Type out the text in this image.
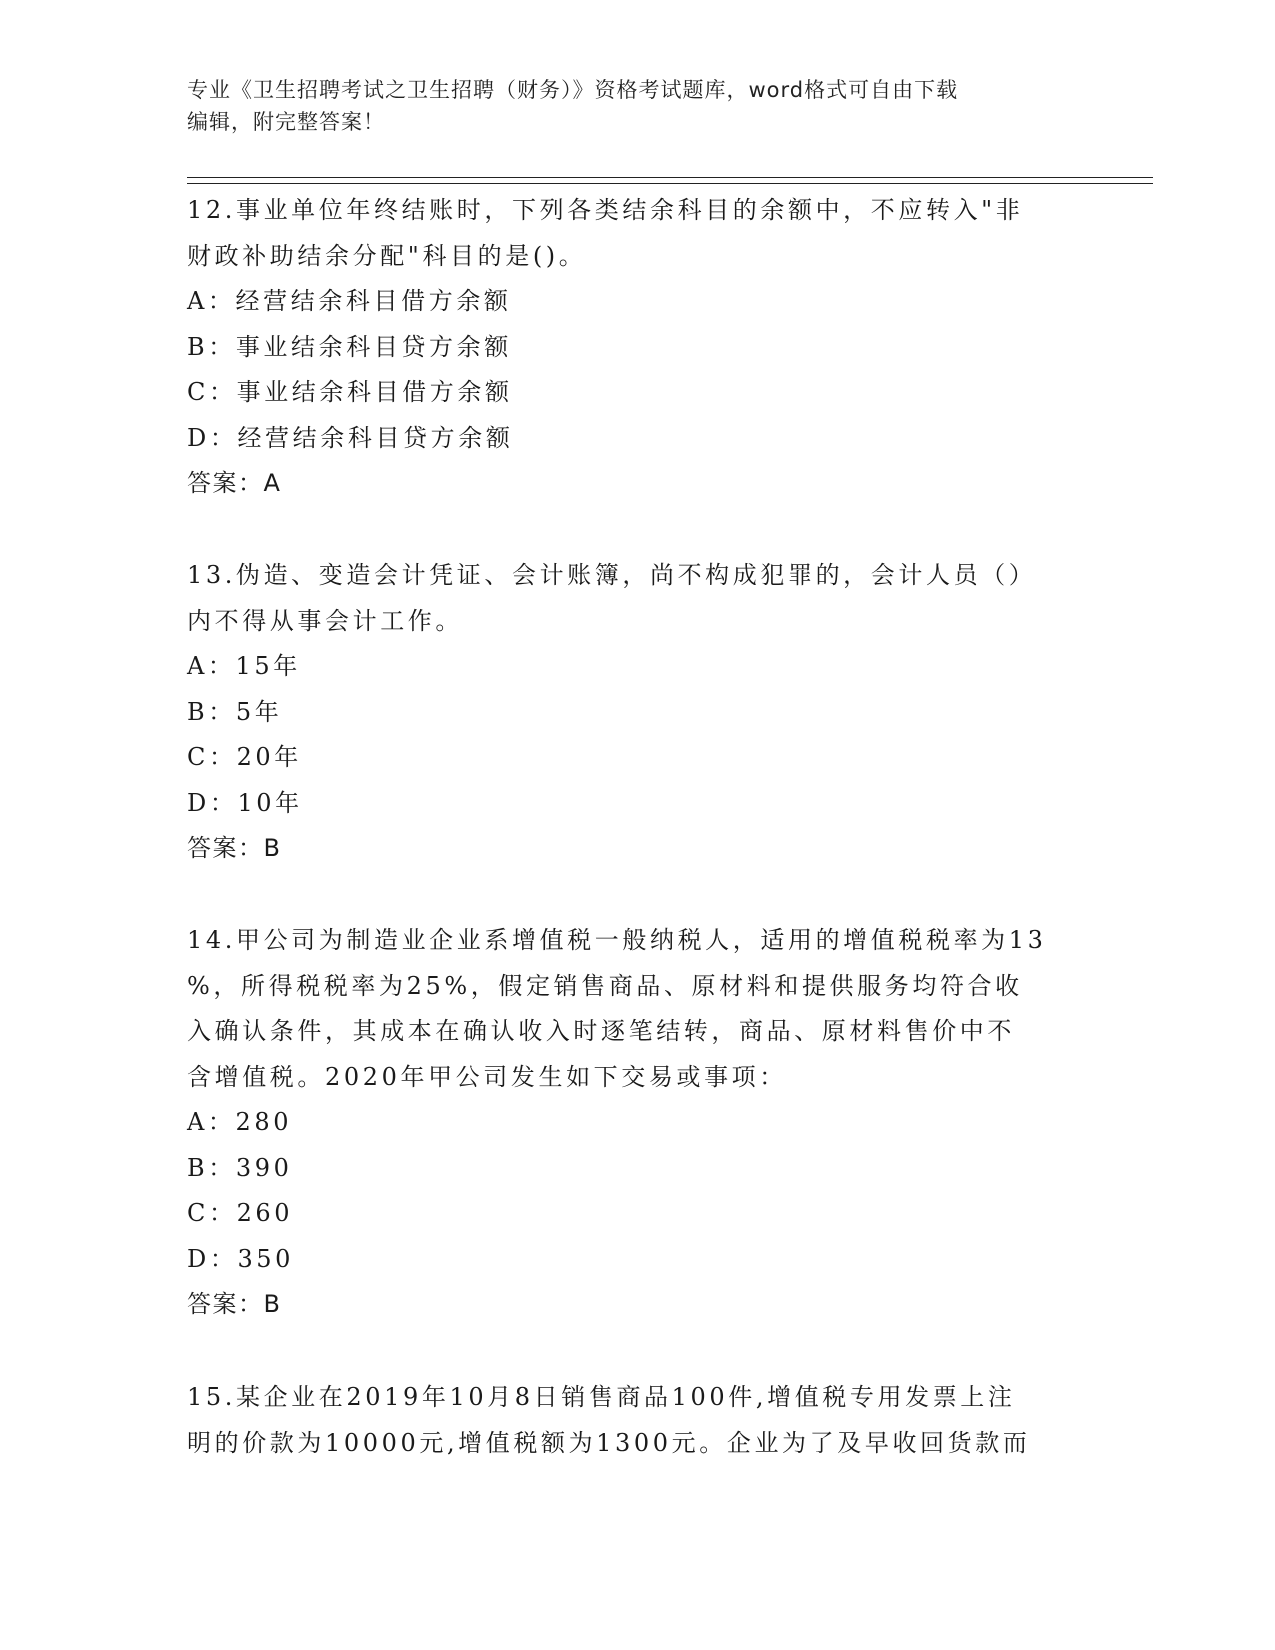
专业《卫生招聘考试之卫生招聘（财务）》资格考试题库，word格式可自由下载
编辑，附完整答案！

12.事业单位年终结账时，下列各类结余科目的余额中，不应转入"非

财政补助结余分配"科目的是()。

A：经营结余科目借方余额

B：事业结余科目贷方余额

C：事业结余科目借方余额

D：经营结余科目贷方余额

答案：A

13.伪造、变造会计凭证、会计账簿，尚不构成犯罪的，会计人员（）

内不得从事会计工作。

A：15年

B：5年

C：20年

D：10年

答案：B

14.甲公司为制造业企业系增值税一般纳税人，适用的增值税税率为13

%，所得税税率为25%，假定销售商品、原材料和提供服务均符合收

入确认条件，其成本在确认收入时逐笔结转，商品、原材料售价中不

含增值税。2020年甲公司发生如下交易或事项：

A：280

B：390

C：260

D：350

答案：B

15.某企业在2019年10月8日销售商品100件,增值税专用发票上注

明的价款为10000元,增值税额为1300元。企业为了及早收回货款而
